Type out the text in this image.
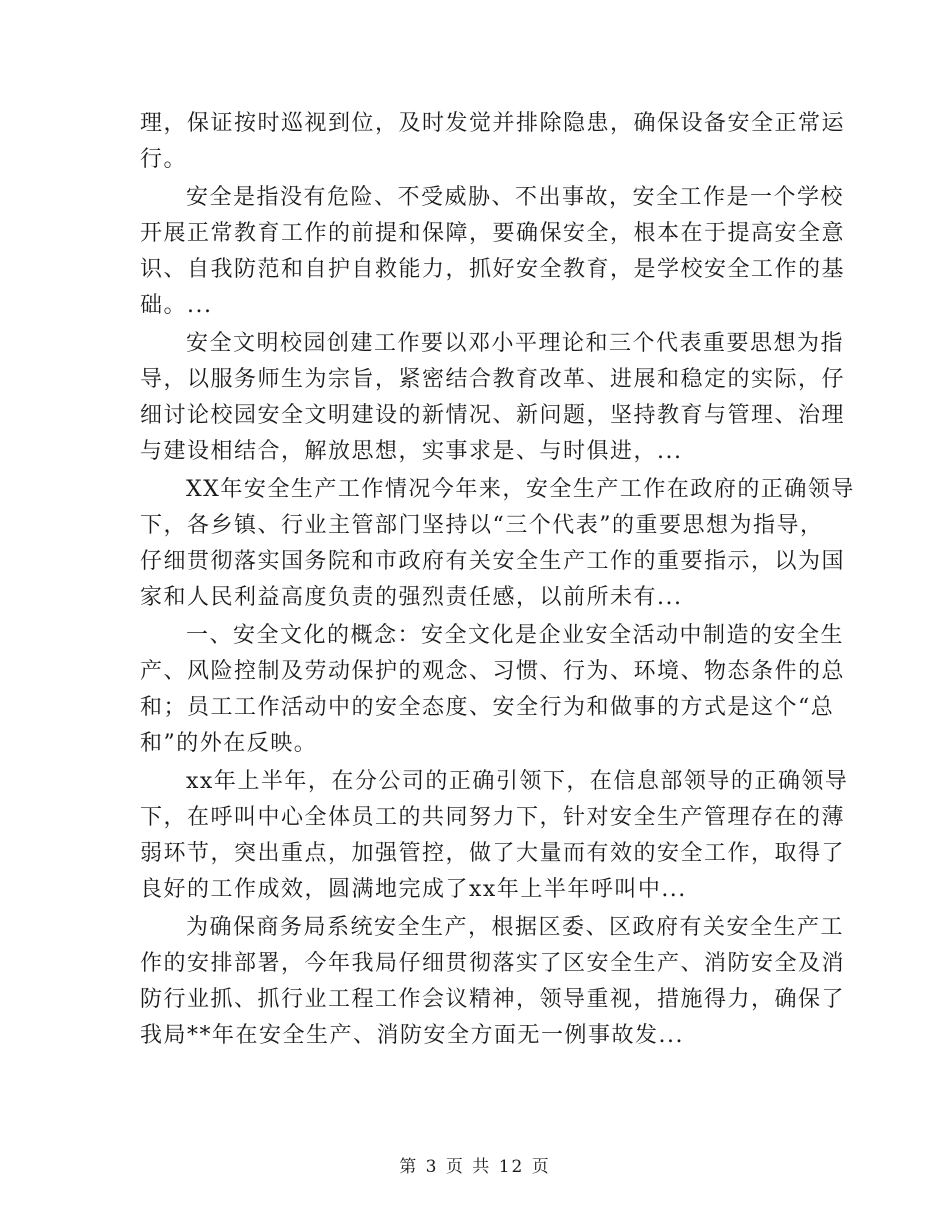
理，保证按时巡视到位，及时发觉并排除隐患，确保设备安全正常运
行。
安全是指没有危险、不受威胁、不出事故，安全工作是一个学校
开展正常教育工作的前提和保障，要确保安全，根本在于提高安全意
识、自我防范和自护自救能力，抓好安全教育，是学校安全工作的基
础。...
安全文明校园创建工作要以邓小平理论和三个代表重要思想为指
导，以服务师生为宗旨，紧密结合教育改革、进展和稳定的实际，仔
细讨论校园安全文明建设的新情况、新问题，坚持教育与管理、治理
与建设相结合，解放思想，实事求是、与时俱进，...
XX年安全生产工作情况今年来，安全生产工作在政府的正确领导
下，各乡镇、行业主管部门坚持以“三个代表”的重要思想为指导，
仔细贯彻落实国务院和市政府有关安全生产工作的重要指示，以为国
家和人民利益高度负责的强烈责任感，以前所未有...
一、安全文化的概念：安全文化是企业安全活动中制造的安全生
产、风险控制及劳动保护的观念、习惯、行为、环境、物态条件的总
和；员工工作活动中的安全态度、安全行为和做事的方式是这个“总
和”的外在反映。
xx年上半年，在分公司的正确引领下，在信息部领导的正确领导
下，在呼叫中心全体员工的共同努力下，针对安全生产管理存在的薄
弱环节，突出重点，加强管控，做了大量而有效的安全工作，取得了
良好的工作成效，圆满地完成了xx年上半年呼叫中...
为确保商务局系统安全生产，根据区委、区政府有关安全生产工
作的安排部署，今年我局仔细贯彻落实了区安全生产、消防安全及消
防行业抓、抓行业工程工作会议精神，领导重视，措施得力，确保了
我局**年在安全生产、消防安全方面无一例事故发...
第 3 页 共 12 页
